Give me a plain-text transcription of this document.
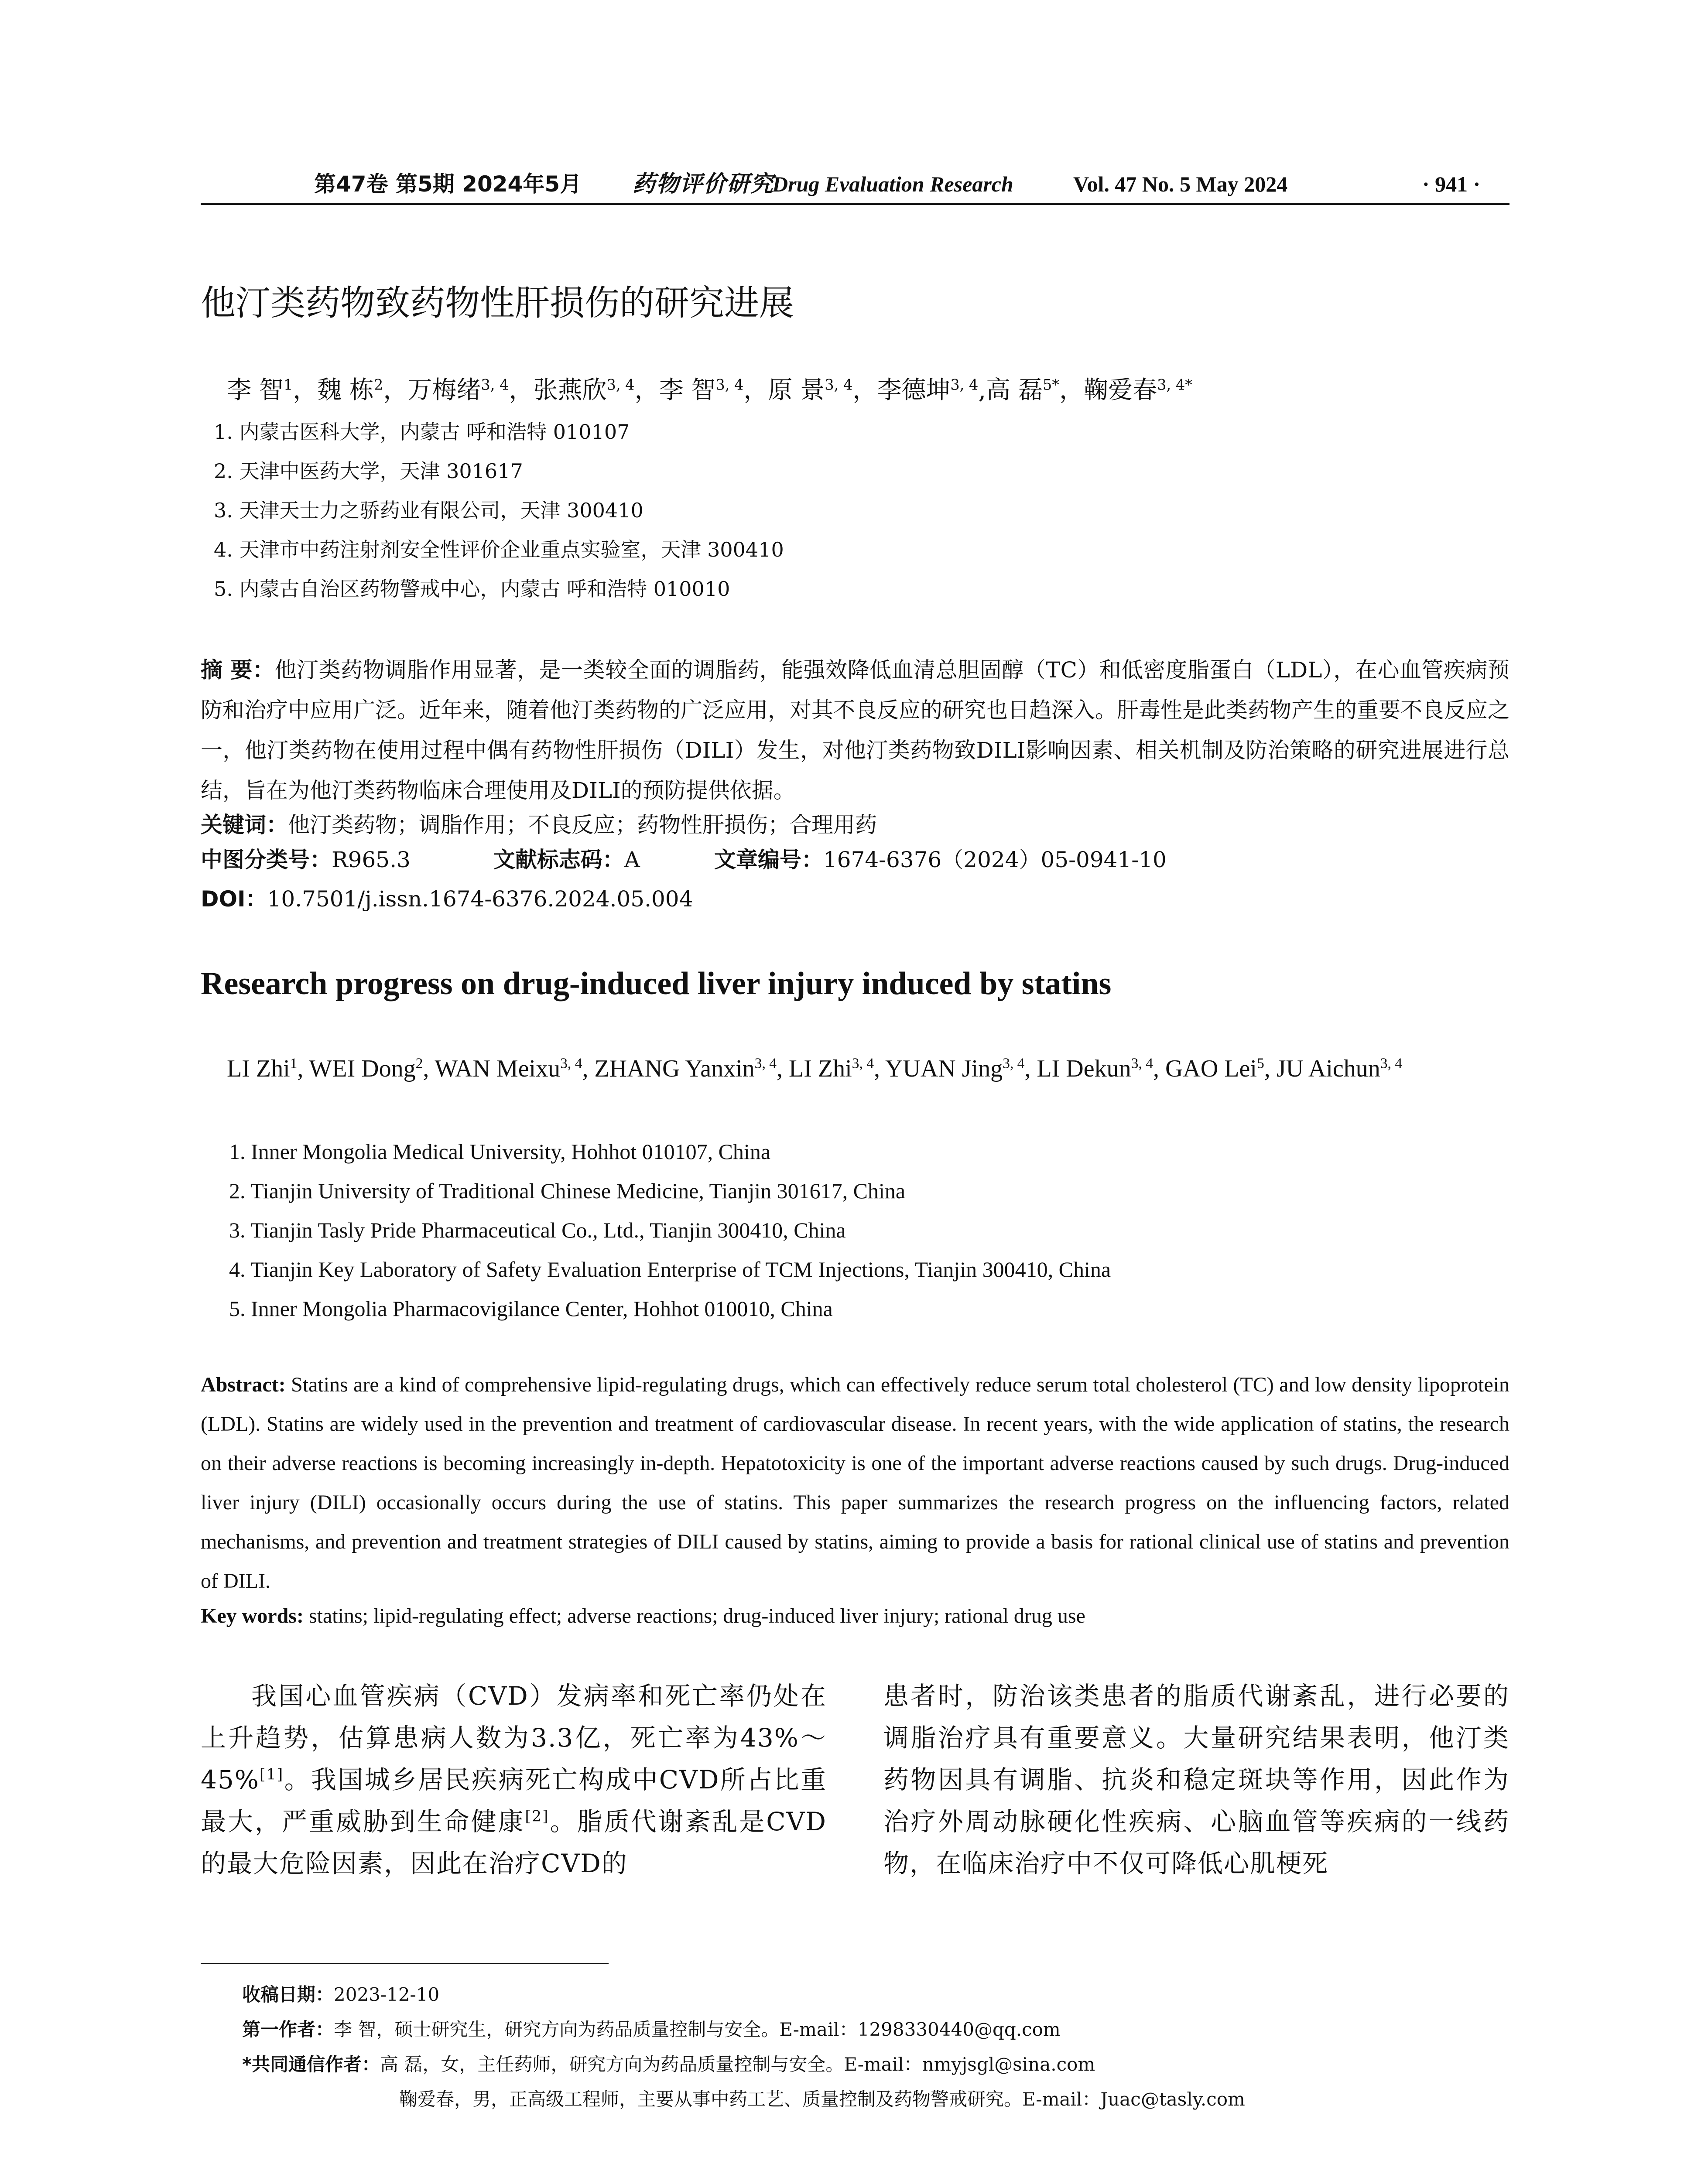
第47卷 第5期 2024年5月 药物评价研究
Drug Evaluation Research	Vol. 47 No. 5 May 2024	· 941 ·
他汀类药物致药物性肝损伤的研究进展
李 智$^1$，魏 栋$^2$，万梅绪$^{3, 4}$，张燕欣$^{3, 4}$，李 智$^{3, 4}$，原 景$^{3, 4}$，李德坤$^{3, 4}$,高 磊$^{5*}$，鞠爱春$^{3, 4*}$
1. 内蒙古医科大学，内蒙古 呼和浩特 010107
2. 天津中医药大学，天津 301617
3. 天津天士力之骄药业有限公司，天津 300410
4. 天津市中药注射剂安全性评价企业重点实验室，天津 300410
5. 内蒙古自治区药物警戒中心，内蒙古 呼和浩特 010010
摘 要：他汀类药物调脂作用显著，是一类较全面的调脂药，能强效降低血清总胆固醇（TC）和低密度脂蛋白（LDL），在心血管疾病预防和治疗中应用广泛。近年来，随着他汀类药物的广泛应用，对其不良反应的研究也日趋深入。肝毒性是此类药物产生的重要不良反应之一，他汀类药物在使用过程中偶有药物性肝损伤（DILI）发生，对他汀类药物致DILI影响因素、相关机制及防治策略的研究进展进行总结，旨在为他汀类药物临床合理使用及DILI的预防提供依据。
关键词：他汀类药物；调脂作用；不良反应；药物性肝损伤；合理用药
中图分类号：R965.3	文献标志码：A	文章编号：1674-6376（2024）05-0941-10
DOI：10.7501/j.issn.1674-6376.2024.05.004
Research progress on drug-induced liver injury induced by statins
LI Zhi$^1$, WEI Dong$^2$, WAN Meixu$^{3, 4}$, ZHANG Yanxin$^{3, 4}$, LI Zhi$^{3, 4}$, YUAN Jing$^{3, 4}$, LI Dekun$^{3, 4}$, GAO Lei$^5$, JU Aichun$^{3, 4}$
1. Inner Mongolia Medical University, Hohhot 010107, China
2. Tianjin University of Traditional Chinese Medicine, Tianjin 301617, China
3. Tianjin Tasly Pride Pharmaceutical Co., Ltd., Tianjin 300410, China
4. Tianjin Key Laboratory of Safety Evaluation Enterprise of TCM Injections, Tianjin 300410, China
5. Inner Mongolia Pharmacovigilance Center, Hohhot 010010, China
Abstract: Statins are a kind of comprehensive lipid-regulating drugs, which can effectively reduce serum total cholesterol (TC) and low density lipoprotein (LDL). Statins are widely used in the prevention and treatment of cardiovascular disease. In recent years, with the wide application of statins, the research on their adverse reactions is becoming increasingly in-depth. Hepatotoxicity is one of the important adverse reactions caused by such drugs. Drug-induced liver injury (DILI) occasionally occurs during the use of statins. This paper summarizes the research progress on the influencing factors, related mechanisms, and prevention and treatment strategies of DILI caused by statins, aiming to provide a basis for rational clinical use of statins and prevention of DILI.
Key words: statins; lipid-regulating effect; adverse reactions; drug-induced liver injury; rational drug use
我国心血管疾病（CVD）发病率和死亡率仍处在上升趋势，估算患病人数为3.3亿，死亡率为43%～45%[1]。我国城乡居民疾病死亡构成中CVD所占比重最大，严重威胁到生命健康[2]。脂质代谢紊乱是CVD的最大危险因素，因此在治疗CVD的
患者时，防治该类患者的脂质代谢紊乱，进行必要的调脂治疗具有重要意义。大量研究结果表明，他汀类药物因具有调脂、抗炎和稳定斑块等作用，因此作为治疗外周动脉硬化性疾病、心脑血管等疾病的一线药物，在临床治疗中不仅可降低心肌梗死
收稿日期：2023-12-10
第一作者：李 智，硕士研究生，研究方向为药品质量控制与安全。E-mail：1298330440@qq.com
*共同通信作者：高 磊，女，主任药师，研究方向为药品质量控制与安全。E-mail：nmyjsgl@sina.com
鞠爱春，男，正高级工程师，主要从事中药工艺、质量控制及药物警戒研究。E-mail：Juac@tasly.com
